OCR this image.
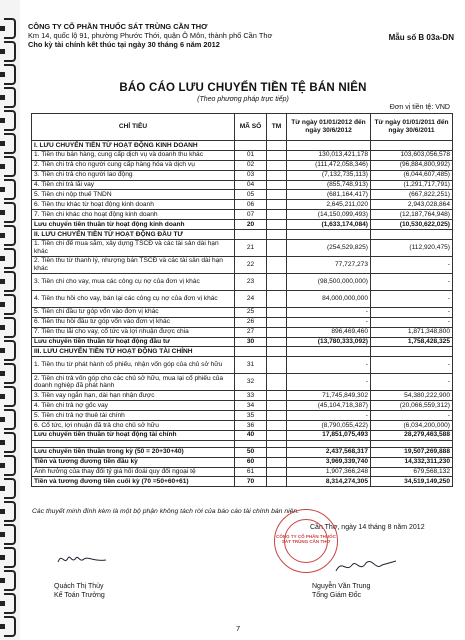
CÔNG TY CỔ PHẦN THUỐC SÁT TRÙNG CẦN THƠ
Km 14, quốc lộ 91, phường Phước Thới, quận Ô Môn, thành phố Cần Thơ
Cho kỳ tài chính kết thúc tại ngày 30 tháng 6 năm 2012
Mẫu số B 03a-DN
BÁO CÁO LƯU CHUYỂN TIỀN TỆ BÁN NIÊN
(Theo phương pháp trực tiếp)
Đơn vị tiền tệ: VND
CHỈ TIÊU	MÃ SỐ	TM	Từ ngày 01/01/2012 đến ngày 30/6/2012	Từ ngày 01/01/2011 đến ngày 30/6/2011
I. LƯU CHUYỂN TIỀN TỪ HOẠT ĐỘNG KINH DOANH				
1. Tiền thu bán hàng, cung cấp dịch vụ và doanh thu khác	01		130,013,421,178	103,603,056,578
2. Tiền chi trả cho người cung cấp hàng hóa và dịch vụ	02		(111,472,058,346)	(96,884,800,992)
3. Tiền chi trả cho người lao động	03		(7,132,735,113)	(6,044,607,485)
4. Tiền chi trả lãi vay	04		(855,748,913)	(1,291,717,791)
5. Tiền chi nộp thuế TNDN	05		(681,164,417)	(667,822,251)
6. Tiền thu khác từ hoạt động kinh doanh	06		2,645,211,020	2,943,028,864
7. Tiền chi khác cho hoạt động kinh doanh	07		(14,150,099,493)	(12,187,764,948)
Lưu chuyển tiền thuần từ hoạt động kinh doanh	20		(1,633,174,084)	(10,530,622,025)
II. LƯU CHUYỂN TIỀN TỪ HOẠT ĐỘNG ĐẦU TƯ				
1. Tiền chi để mua sắm, xây dựng TSCĐ và các tài sản dài hạn khác	21		(254,529,825)	(112,920,475)
2. Tiền thu từ thanh lý, nhượng bán TSCĐ và các tài sản dài hạn khác	22		77,727,273	-
3. Tiền chi cho vay, mua các công cụ nợ của đơn vị khác	23		(98,500,000,000)	-
4. Tiền thu hồi cho vay, bán lại các công cụ nợ của đơn vị khác	24		84,000,000,000	-
5. Tiền chi đầu tư góp vốn vào đơn vị khác	25		-	-
6. Tiền thu hồi đầu tư góp vốn vào đơn vị khác	26		-	-
7. Tiền thu lãi cho vay, cổ tức và lợi nhuận được chia	27		896,469,460	1,871,348,800
Lưu chuyển tiền thuần từ hoạt động đầu tư	30		(13,780,333,092)	1,758,428,325
III. LƯU CHUYỂN TIỀN TỪ HOẠT ĐỘNG TÀI CHÍNH				
1. Tiền thu từ phát hành cổ phiếu, nhận vốn góp của chủ sở hữu	31		-	-
2. Tiền chi trả vốn góp cho các chủ sở hữu, mua lại cổ phiếu của doanh nghiệp đã phát hành	32		-	-
3. Tiền vay ngắn hạn, dài hạn nhận được	33		71,745,849,302	54,380,222,900
4. Tiền chi trả nợ gốc vay	34		(45,104,718,387)	(20,066,559,312)
5. Tiền chi trả nợ thuê tài chính	35		-	-
6. Cổ tức, lợi nhuận đã trả cho chủ sở hữu	36		(8,790,055,422)	(6,034,200,000)
Lưu chuyển tiền thuần từ hoạt động tài chính	40		17,851,075,493	28,279,463,588

Lưu chuyển tiền thuần trong kỳ (50 = 20+30+40)	50		2,437,568,317	19,507,269,888
Tiền và tương đương tiền đầu kỳ	60		3,969,339,740	14,332,311,230
Ảnh hưởng của thay đổi tỷ giá hối đoái quy đổi ngoại tệ	61		1,907,366,248	679,568,132
Tiền và tương đương tiền cuối kỳ (70 =50+60+61)	70		8,314,274,305	34,519,149,250
Các thuyết minh đính kèm là một bộ phận không tách rời của báo cáo tài chính bán niên.
Cần Thơ, ngày 14 tháng 8 năm 2012
Quách Thị Thùy
Kế Toán Trưởng
CÔNG TY CỔ PHẦN THUỐC SÁT TRÙNG CẦN THƠ
Nguyễn Văn Trung
Tổng Giám Đốc
7
